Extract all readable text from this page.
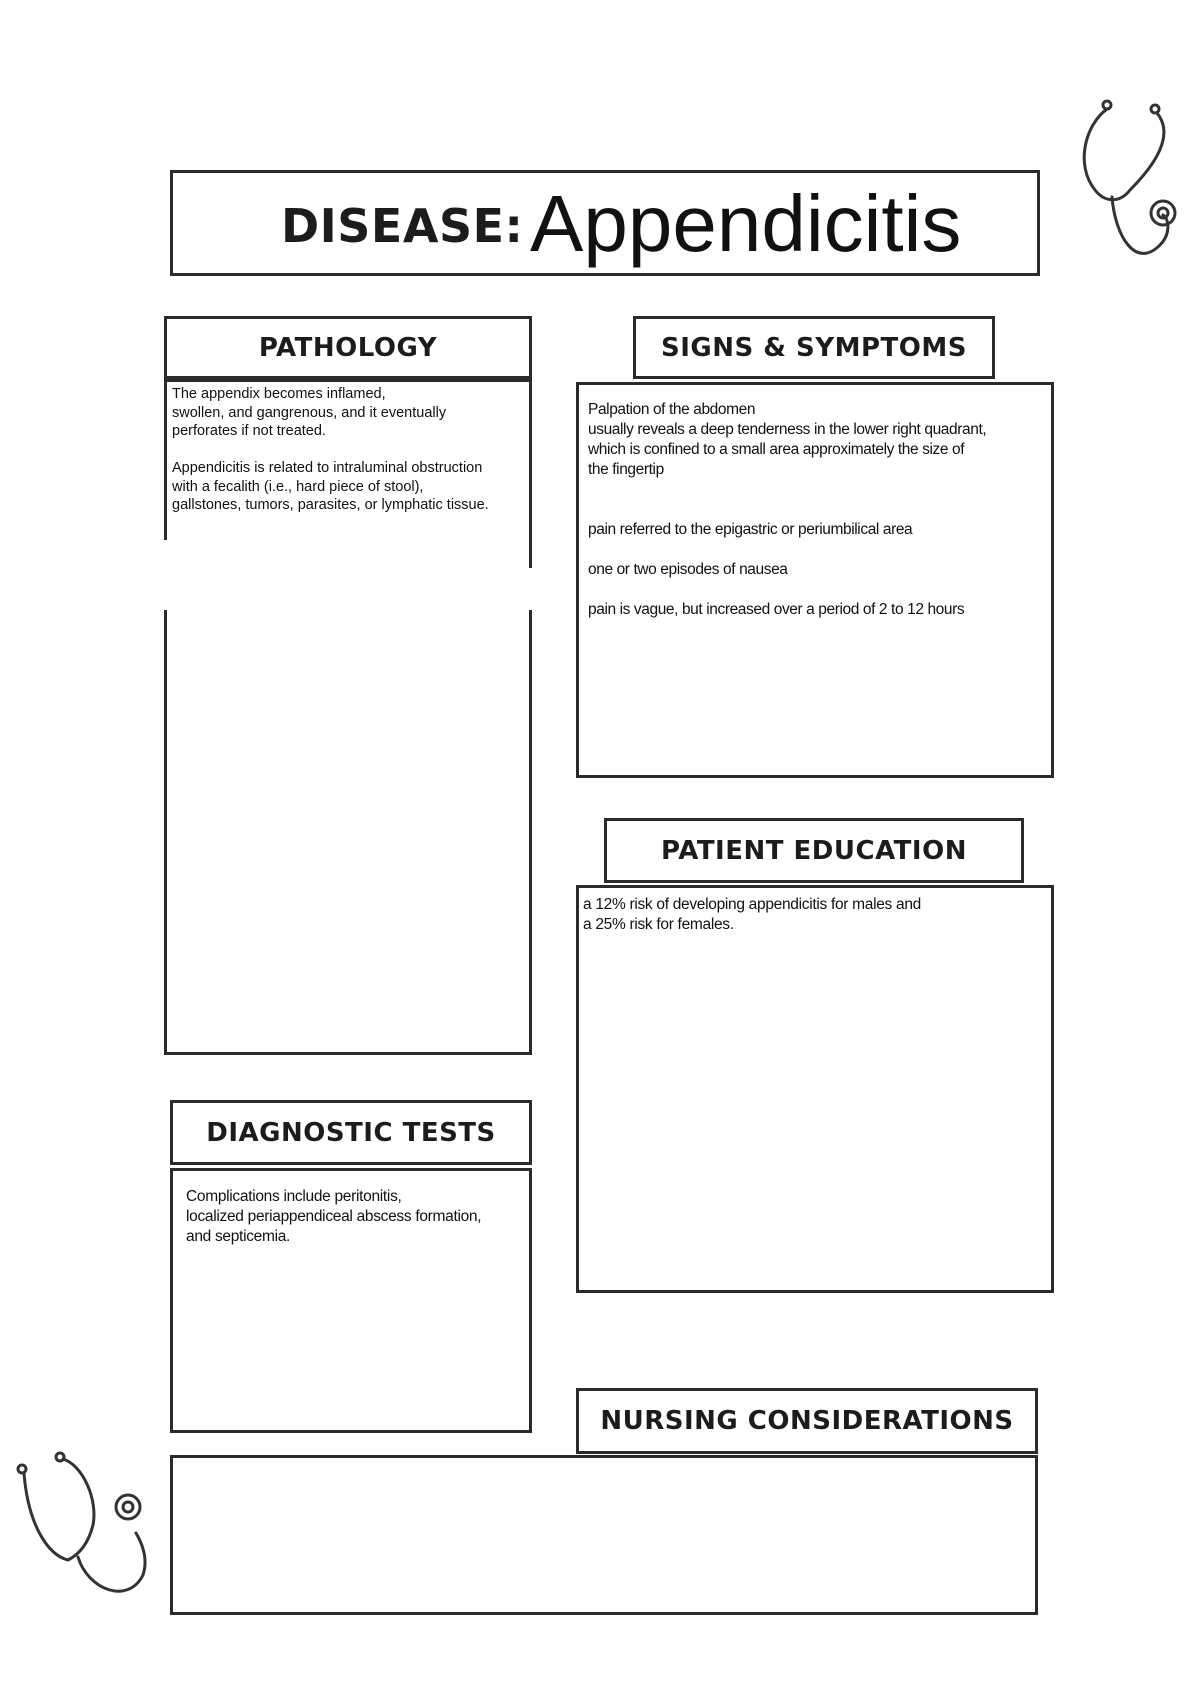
DISEASE: Appendicitis
PATHOLOGY
The appendix becomes inflamed,
swollen, and gangrenous, and it eventually
perforates if not treated.

Appendicitis is related to intraluminal obstruction
with a fecalith (i.e., hard piece of stool),
gallstones, tumors, parasites, or lymphatic tissue.
SIGNS & SYMPTOMS
Palpation of the abdomen
usually reveals a deep tenderness in the lower right quadrant,
which is confined to a small area approximately the size of
the fingertip

pain referred to the epigastric or periumbilical area

one or two episodes of nausea

pain is vague, but increased over a period of 2 to 12 hours
PATIENT EDUCATION
a 12% risk of developing appendicitis for males and
a 25% risk for females.
DIAGNOSTIC TESTS
Complications include peritonitis,
localized periappendiceal abscess formation,
and septicemia.
NURSING CONSIDERATIONS
